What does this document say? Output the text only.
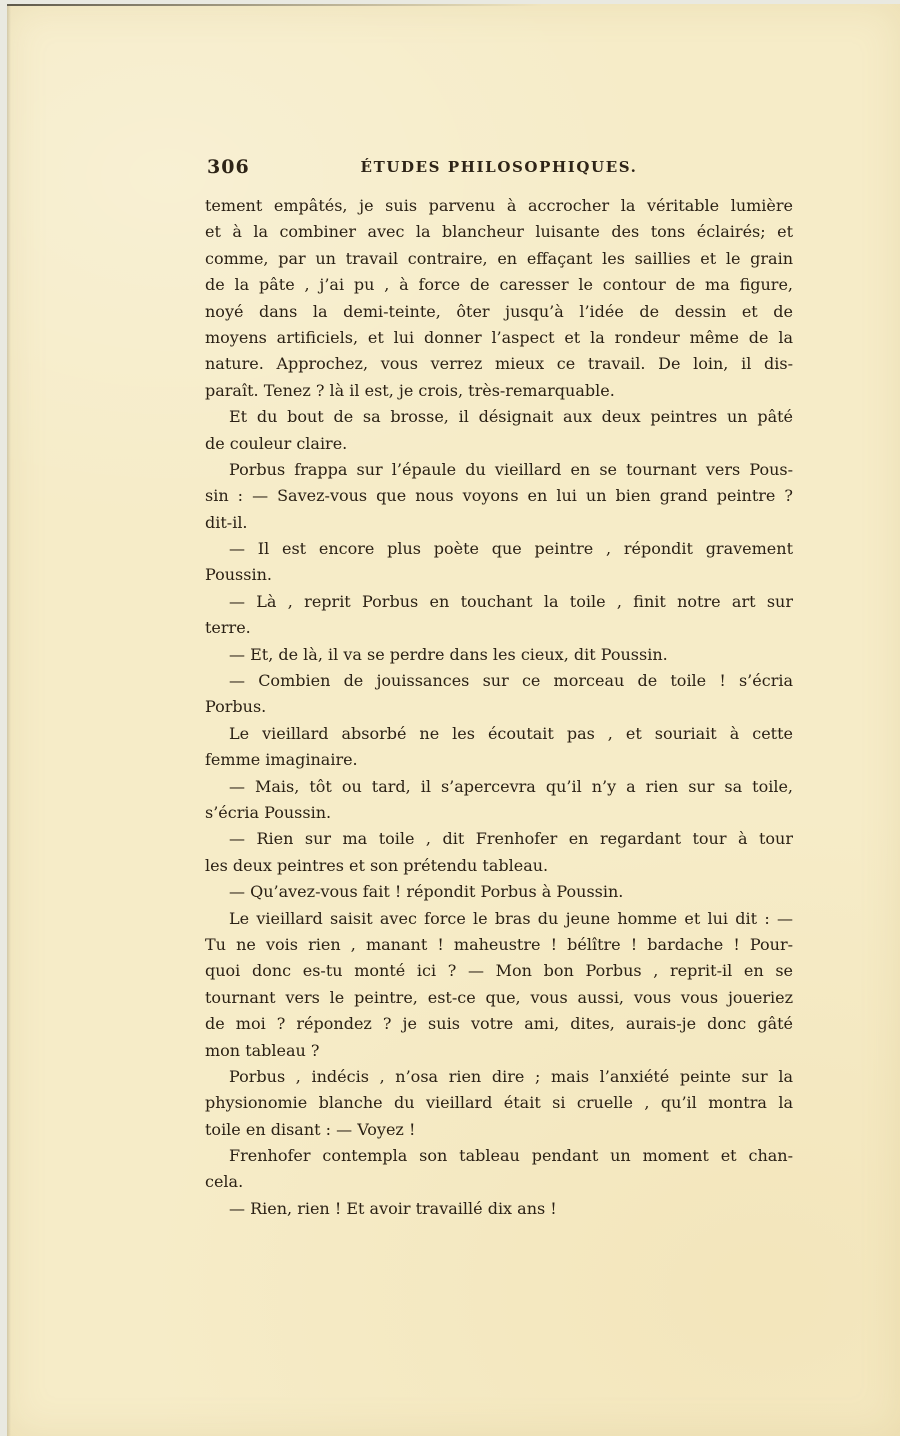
306	ÉTUDES PHILOSOPHIQUES.
tement empâtés, je suis parvenu à accrocher la véritable lumière
et à la combiner avec la blancheur luisante des tons éclairés; et
comme, par un travail contraire, en effaçant les saillies et le grain
de la pâte , j’ai pu , à force de caresser le contour de ma figure,
noyé dans la demi-teinte, ôter jusqu’à l’idée de dessin et de
moyens artificiels, et lui donner l’aspect et la rondeur même de la
nature. Approchez, vous verrez mieux ce travail. De loin, il dis-
paraît. Tenez ? là il est, je crois, très-remarquable.
Et du bout de sa brosse, il désignait aux deux peintres un pâté
de couleur claire.
Porbus frappa sur l’épaule du vieillard en se tournant vers Pous-
sin : — Savez-vous que nous voyons en lui un bien grand peintre ?
dit-il.
— Il est encore plus poète que peintre , répondit gravement
Poussin.
— Là , reprit Porbus en touchant la toile , finit notre art sur
terre.
— Et, de là, il va se perdre dans les cieux, dit Poussin.
— Combien de jouissances sur ce morceau de toile ! s’écria
Porbus.
Le vieillard absorbé ne les écoutait pas , et souriait à cette
femme imaginaire.
— Mais, tôt ou tard, il s’apercevra qu’il n’y a rien sur sa toile,
s’écria Poussin.
— Rien sur ma toile , dit Frenhofer en regardant tour à tour
les deux peintres et son prétendu tableau.
— Qu’avez-vous fait ! répondit Porbus à Poussin.
Le vieillard saisit avec force le bras du jeune homme et lui dit : —
Tu ne vois rien , manant ! maheustre ! bélître ! bardache ! Pour-
quoi donc es-tu monté ici ? — Mon bon Porbus , reprit-il en se
tournant vers le peintre, est-ce que, vous aussi, vous vous joueriez
de moi ? répondez ? je suis votre ami, dites, aurais-je donc gâté
mon tableau ?
Porbus , indécis , n’osa rien dire ; mais l’anxiété peinte sur la
physionomie blanche du vieillard était si cruelle , qu’il montra la
toile en disant : — Voyez !
Frenhofer contempla son tableau pendant un moment et chan-
cela.
— Rien, rien ! Et avoir travaillé dix ans !
